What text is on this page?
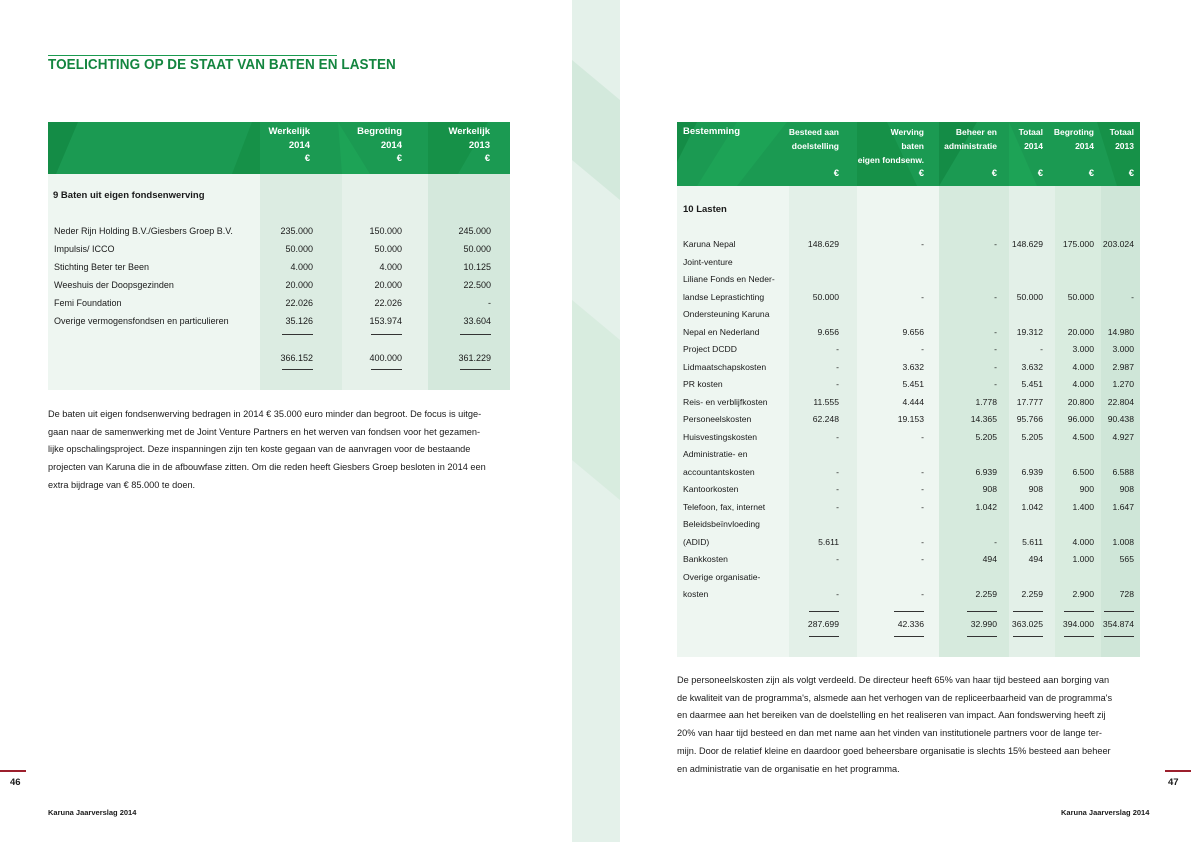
TOELICHTING OP DE STAAT VAN BATEN EN LASTEN
Werkelijk
2014
€
Begroting
2014
€
Werkelijk
2013
€
9 Baten uit eigen fondsenwerving
Neder Rijn Holding B.V./Giesbers Groep B.V.	235.000	150.000	245.000
Impulsis/ ICCO	50.000	50.000	50.000
Stichting Beter ter Been	4.000	4.000	10.125
Weeshuis der Doopsgezinden	20.000	20.000	22.500
Femi Foundation	22.026	22.026	-
Overige vermogensfondsen en particulieren	35.126	153.974	33.604
366.152	400.000	361.229
De baten uit eigen fondsenwerving bedragen in 2014 € 35.000 euro minder dan begroot. De focus is uitge-
gaan naar de samenwerking met de Joint Venture Partners en het werven van fondsen voor het gezamen-
lijke opschalingsproject. Deze inspanningen zijn ten koste gegaan van de aanvragen voor de bestaande
projecten van Karuna die in de afbouwfase zitten. Om die reden heeft Giesbers Groep besloten in 2014 een
extra bijdrage van € 85.000 te doen.
46
Karuna Jaarverslag 2014
Bestemming	Besteed aan
doelstelling
€
Werving
baten
eigen fondsenw.
€
Beheer en
administratie
€
Totaal
2014
€
Begroting
2014
€
Totaal
2013
€
10 Lasten
Karuna Nepal	148.629	-	-	148.629	175.000	203.024
Joint-venture
Liliane Fonds en Neder-
landse Leprastichting	50.000	-	-	50.000	50.000	-
Ondersteuning Karuna
Nepal en Nederland	9.656	9.656	-	19.312	20.000	14.980
Project DCDD	-	-	-	-	3.000	3.000
Lidmaatschapskosten	-	3.632	-	3.632	4.000	2.987
PR kosten	-	5.451	-	5.451	4.000	1.270
Reis- en verblijfkosten	11.555	4.444	1.778	17.777	20.800	22.804
Personeelskosten	62.248	19.153	14.365	95.766	96.000	90.438
Huisvestingskosten	-	-	5.205	5.205	4.500	4.927
Administratie- en
accountantskosten	-	-	6.939	6.939	6.500	6.588
Kantoorkosten	-	-	908	908	900	908
Telefoon, fax, internet	-	-	1.042	1.042	1.400	1.647
Beleidsbeïnvloeding
(ADID)	5.611	-	-	5.611	4.000	1.008
Bankkosten	-	-	494	494	1.000	565
Overige organisatie-
kosten	-	-	2.259	2.259	2.900	728
287.699	42.336	32.990	363.025	394.000	354.874
De personeelskosten zijn als volgt verdeeld. De directeur heeft 65% van haar tijd besteed aan borging van
de kwaliteit van de programma's, alsmede aan het verhogen van de repliceerbaarheid van de programma's
en daarmee aan het bereiken van de doelstelling en het realiseren van impact. Aan fondswerving heeft zij
20% van haar tijd besteed en dan met name aan het vinden van institutionele partners voor de lange ter-
mijn. Door de relatief kleine en daardoor goed beheersbare organisatie is slechts 15% besteed aan beheer
en administratie van de organisatie en het programma.
47
Karuna Jaarverslag 2014
